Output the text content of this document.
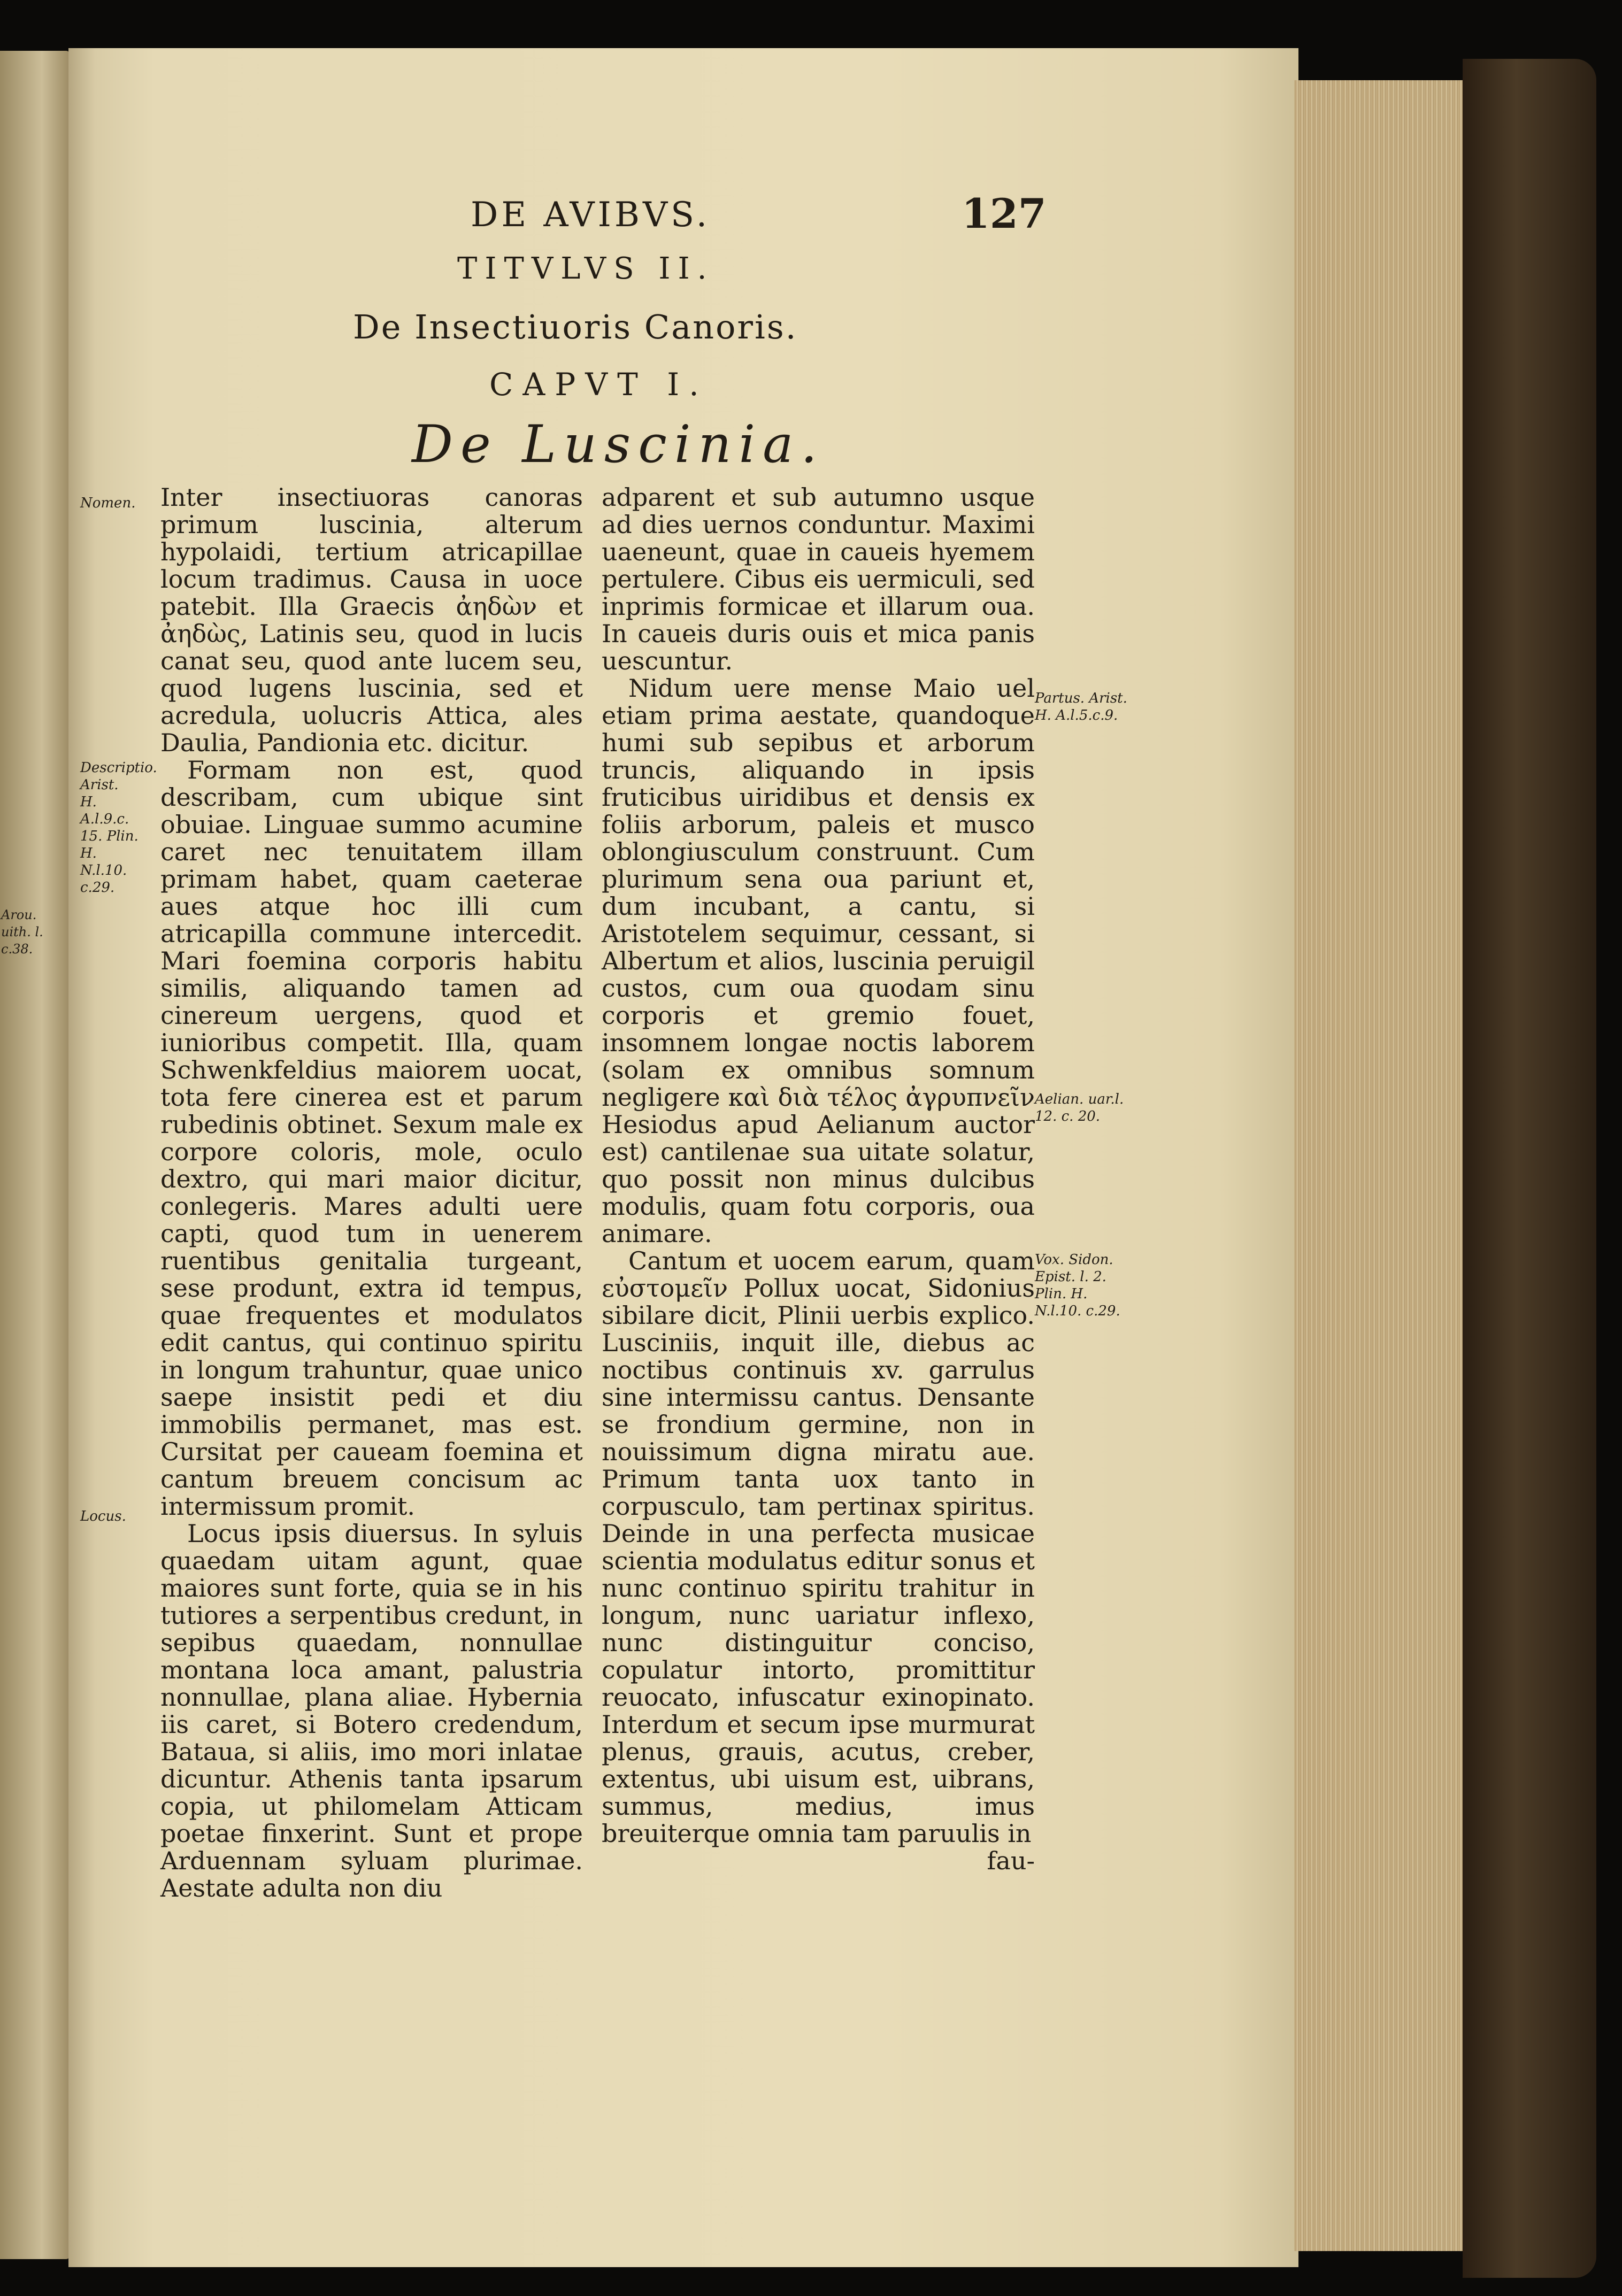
Arou. uith. l. c.38.
DE AVIBVS.	127
TITVLVS II.
De Insectiuoris Canoris.
CAPVT I.
De Luscinia.

Inter insectiuoras canoras primum luscinia, alterum hypolaidi, tertium atricapillae locum tradimus. Causa in uoce patebit. Illa Graecis ἀηδὼν et ἀηδὼς, Latinis seu, quod in lucis canat seu, quod ante lucem seu, quod lugens luscinia, sed et acredula, uolucris Attica, ales Daulia, Pandionia etc. dicitur.

Formam non est, quod describam, cum ubique sint obuiae. Linguae summo acumine caret nec tenuitatem illam primam habet, quam caeterae aues atque hoc illi cum atricapilla commune intercedit. Mari foemina corporis habitu similis, aliquando tamen ad cinereum uergens, quod et iunioribus competit. Illa, quam Schwenkfeldius maiorem uocat, tota fere cinerea est et parum rubedinis obtinet. Sexum male ex corpore coloris, mole, oculo dextro, qui mari maior dicitur, conlegeris. Mares adulti uere capti, quod tum in uenerem ruentibus genitalia turgeant, sese produnt, extra id tempus, quae frequentes et modulatos edit cantus, qui continuo spiritu in longum trahuntur, quae unico saepe insistit pedi et diu immobilis permanet, mas est. Cursitat per caueam foemina et cantum breuem concisum ac intermissum promit.

Locus ipsis diuersus. In syluis quaedam uitam agunt, quae maiores sunt forte, quia se in his tutiores a serpentibus credunt, in sepibus quaedam, nonnullae montana loca amant, palustria nonnullae, plana aliae. Hybernia iis caret, si Botero credendum, Bataua, si aliis, imo mori inlatae dicuntur. Athenis tanta ipsarum copia, ut philomelam Atticam poetae finxerint. Sunt et prope Arduennam syluam plurimae. Aestate adulta non diu

adparent et sub autumno usque ad dies uernos conduntur. Maximi uaeneunt, quae in caueis hyemem pertulere. Cibus eis uermiculi, sed inprimis formicae et illarum oua. In caueis duris ouis et mica panis uescuntur.

Nidum uere mense Maio uel etiam prima aestate, quandoque humi sub sepibus et arborum truncis, aliquando in ipsis fruticibus uiridibus et densis ex foliis arborum, paleis et musco oblongiusculum construunt. Cum plurimum sena oua pariunt et, dum incubant, a cantu, si Aristotelem sequimur, cessant, si Albertum et alios, luscinia peruigil custos, cum oua quodam sinu corporis et gremio fouet, insomnem longae noctis laborem (solam ex omnibus somnum negligere καὶ διὰ τέλος ἀγρυπνεῖν Hesiodus apud Aelianum auctor est) cantilenae sua uitate solatur, quo possit non minus dulcibus modulis, quam fotu corporis, oua animare.

Cantum et uocem earum, quam εὐστομεῖν Pollux uocat, Sidonius sibilare dicit, Plinii uerbis explico. Lusciniis, inquit ille, diebus ac noctibus continuis xv. garrulus sine intermissu cantus. Densante se frondium germine, non in nouissimum digna miratu aue. Primum tanta uox tanto in corpusculo, tam pertinax spiritus. Deinde in una perfecta musicae scientia modulatus editur sonus et nunc continuo spiritu trahitur in longum, nunc uariatur inflexo, nunc distinguitur conciso, copulatur intorto, promittitur reuocato, infuscatur exinopinato. Interdum et secum ipse murmurat plenus, grauis, acutus, creber, extentus, ubi uisum est, uibrans, summus, medius, imus breuiterque omnia tam paruulis in

fau-

Nomen.
Descriptio. Arist. H. A.l.9.c. 15. Plin. H. N.l.10. c.29.
Locus.
Partus. Arist. H. A.l.5.c.9.
Aelian. uar.l. 12. c. 20.
Vox. Sidon. Epist. l. 2. Plin. H. N.l.10. c.29.
